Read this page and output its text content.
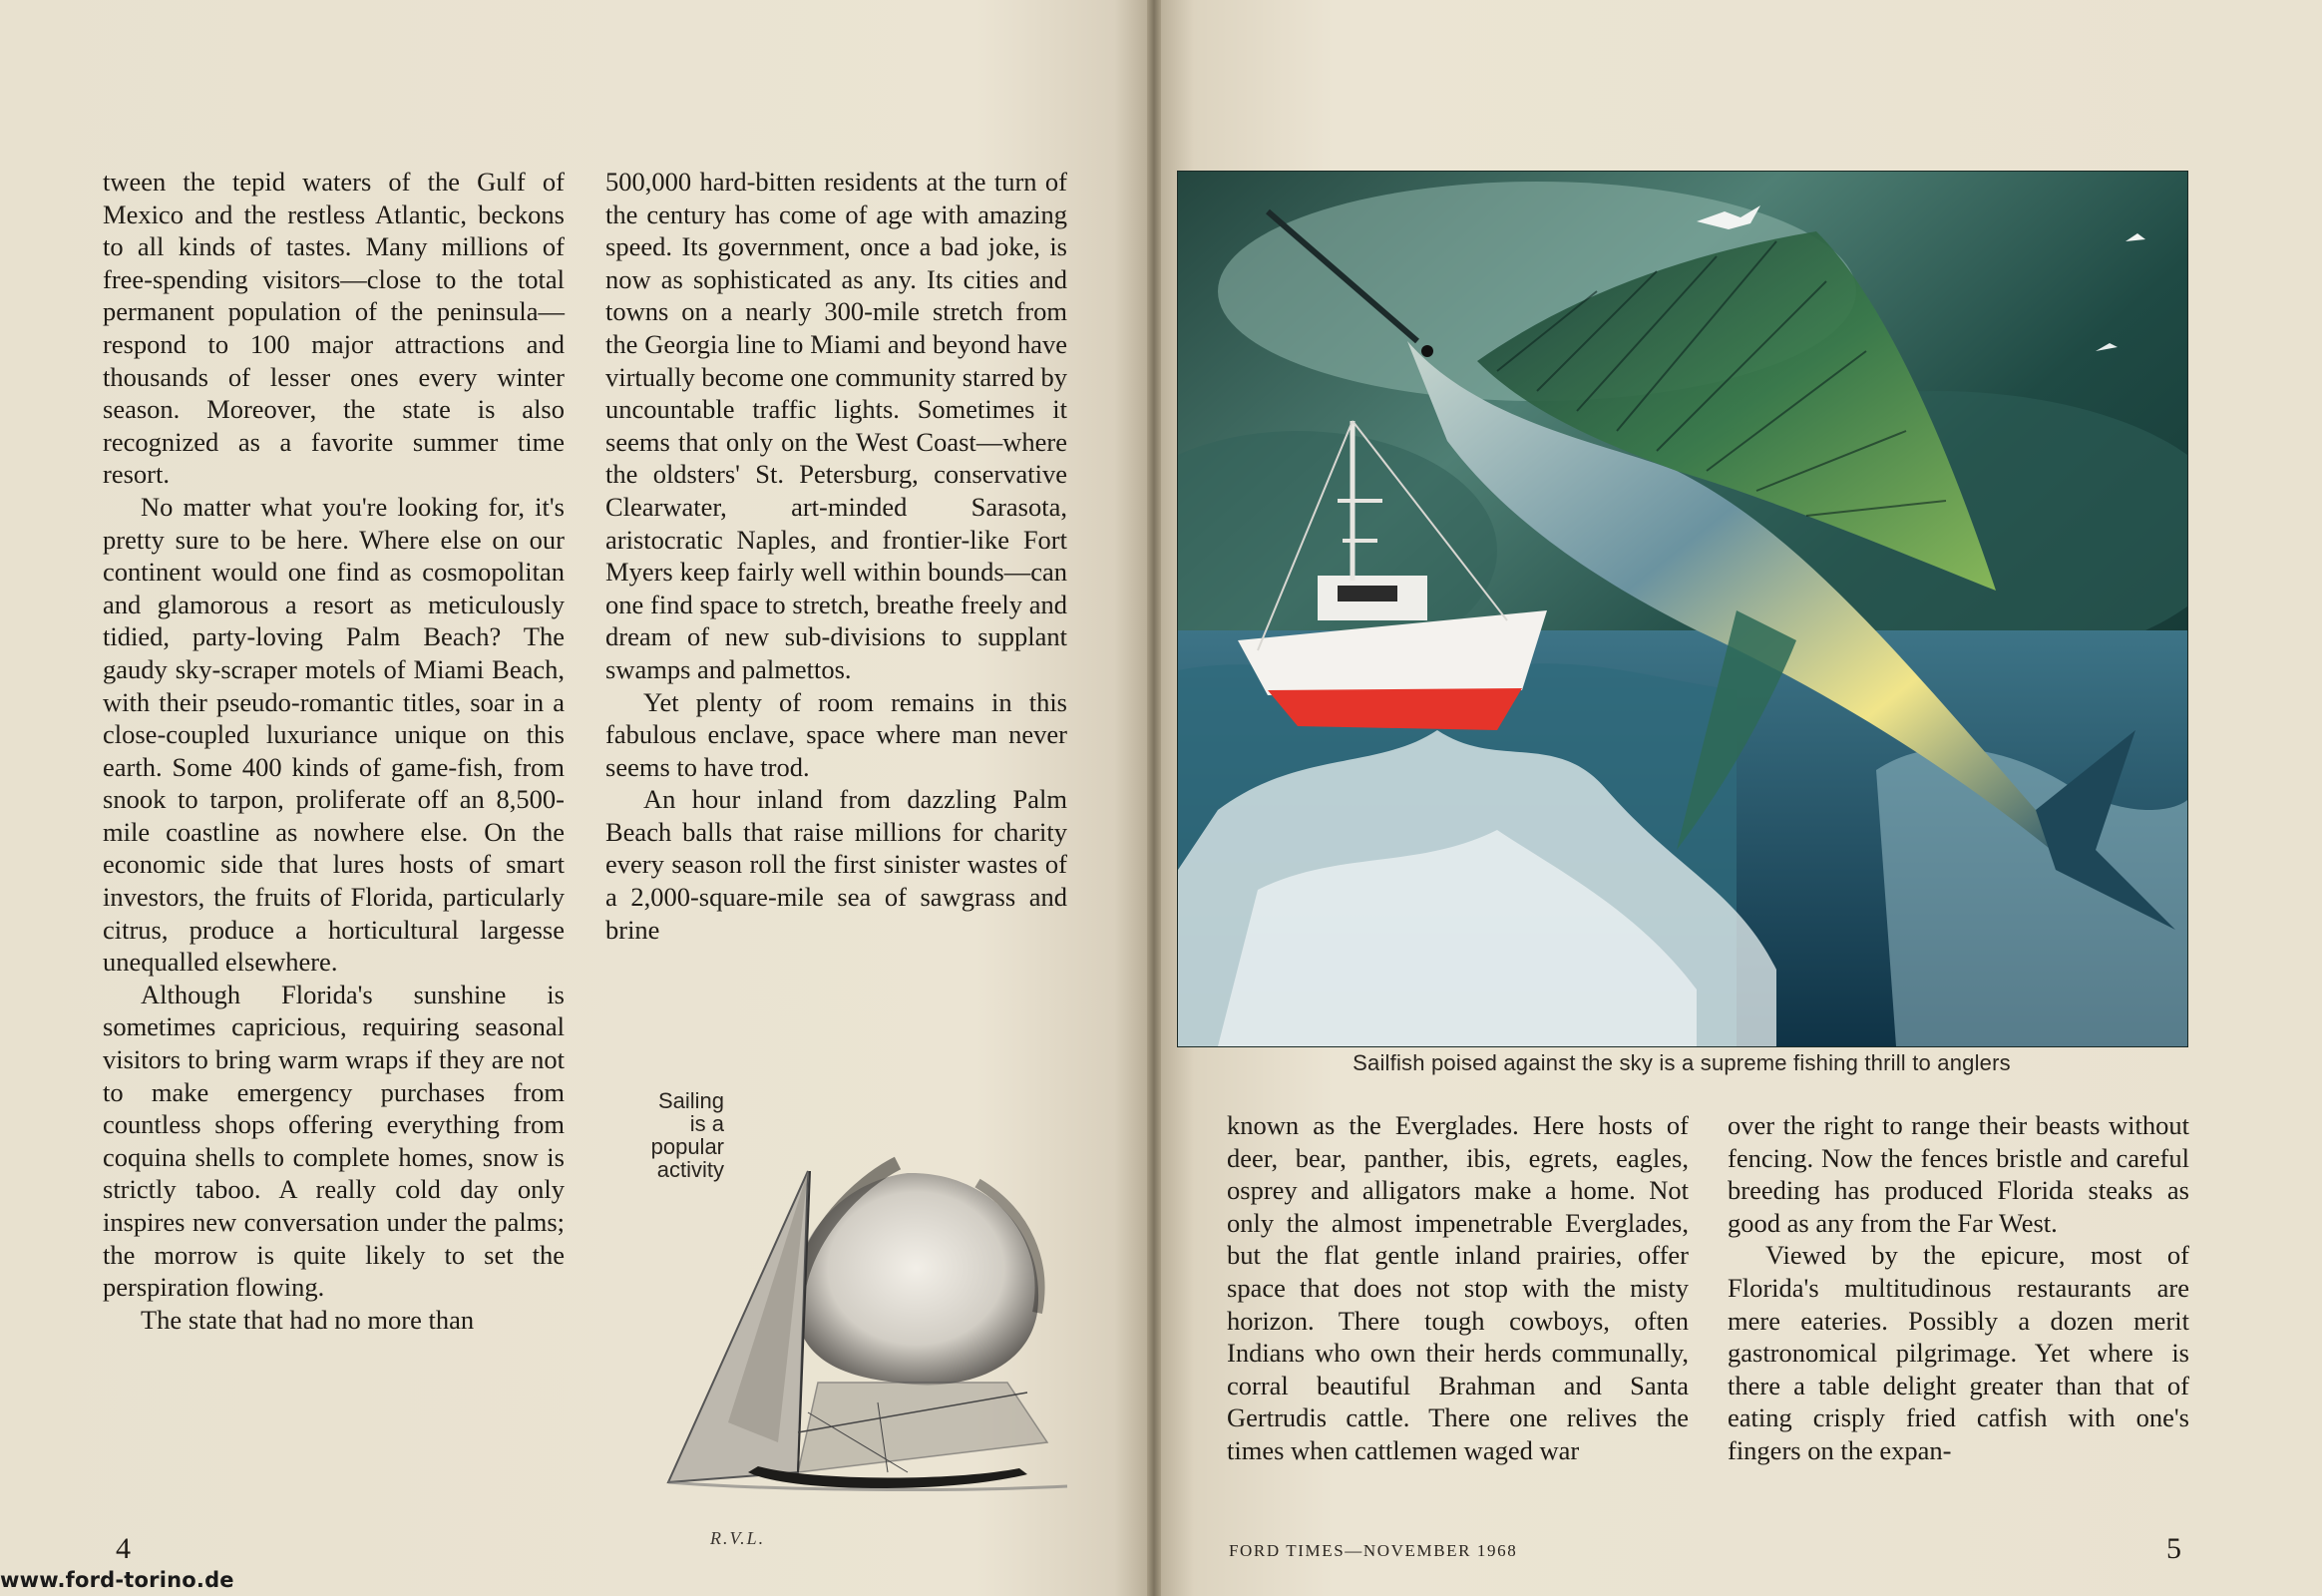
tween the tepid waters of the Gulf of Mexico and the restless Atlantic, beckons to all kinds of tastes. Many millions of free-spending visitors—close to the total permanent population of the peninsula—respond to 100 major attractions and thousands of lesser ones every winter season. Moreover, the state is also recognized as a favorite summer time resort.

No matter what you're looking for, it's pretty sure to be here. Where else on our continent would one find as cosmopolitan and glamorous a resort as meticulously tidied, party-loving Palm Beach? The gaudy sky-scraper motels of Miami Beach, with their pseudo-romantic titles, soar in a close-coupled luxuriance unique on this earth. Some 400 kinds of game-fish, from snook to tarpon, proliferate off an 8,500-mile coastline as nowhere else. On the economic side that lures hosts of smart investors, the fruits of Florida, particularly citrus, produce a horticultural largesse unequalled elsewhere.

Although Florida's sunshine is sometimes capricious, requiring seasonal visitors to bring warm wraps if they are not to make emergency purchases from countless shops offering everything from coquina shells to complete homes, snow is strictly taboo. A really cold day only inspires new conversation under the palms; the morrow is quite likely to set the perspiration flowing.

The state that had no more than

500,000 hard-bitten residents at the turn of the century has come of age with amazing speed. Its government, once a bad joke, is now as sophisticated as any. Its cities and towns on a nearly 300-mile stretch from the Georgia line to Miami and beyond have virtually become one community starred by uncountable traffic lights. Sometimes it seems that only on the West Coast—where the oldsters' St. Petersburg, conservative Clearwater, art-minded Sarasota, aristocratic Naples, and frontier-like Fort Myers keep fairly well within bounds—can one find space to stretch, breathe freely and dream of new sub-divisions to supplant swamps and palmettos.

Yet plenty of room remains in this fabulous enclave, space where man never seems to have trod.

An hour inland from dazzling Palm Beach balls that raise millions for charity every season roll the first sinister wastes of a 2,000-square-mile sea of sawgrass and brine

Sailing
is a
popular
activity
R.V.L.
Sailfish poised against the sky is a supreme fishing thrill to anglers

known as the Everglades. Here hosts of deer, bear, panther, ibis, egrets, eagles, osprey and alligators make a home. Not only the almost impenetrable Everglades, but the flat gentle inland prairies, offer space that does not stop with the misty horizon. There tough cowboys, often Indians who own their herds communally, corral beautiful Brahman and Santa Gertrudis cattle. There one relives the times when cattlemen waged war

over the right to range their beasts without fencing. Now the fences bristle and careful breeding has produced Florida steaks as good as any from the Far West.

Viewed by the epicure, most of Florida's multitudinous restaurants are mere eateries. Possibly a dozen merit gastronomical pilgrimage. Yet where is there a table delight greater than that of eating crisply fried catfish with one's fingers on the expan-

4	5
FORD TIMES—NOVEMBER 1968
www.ford-torino.de
